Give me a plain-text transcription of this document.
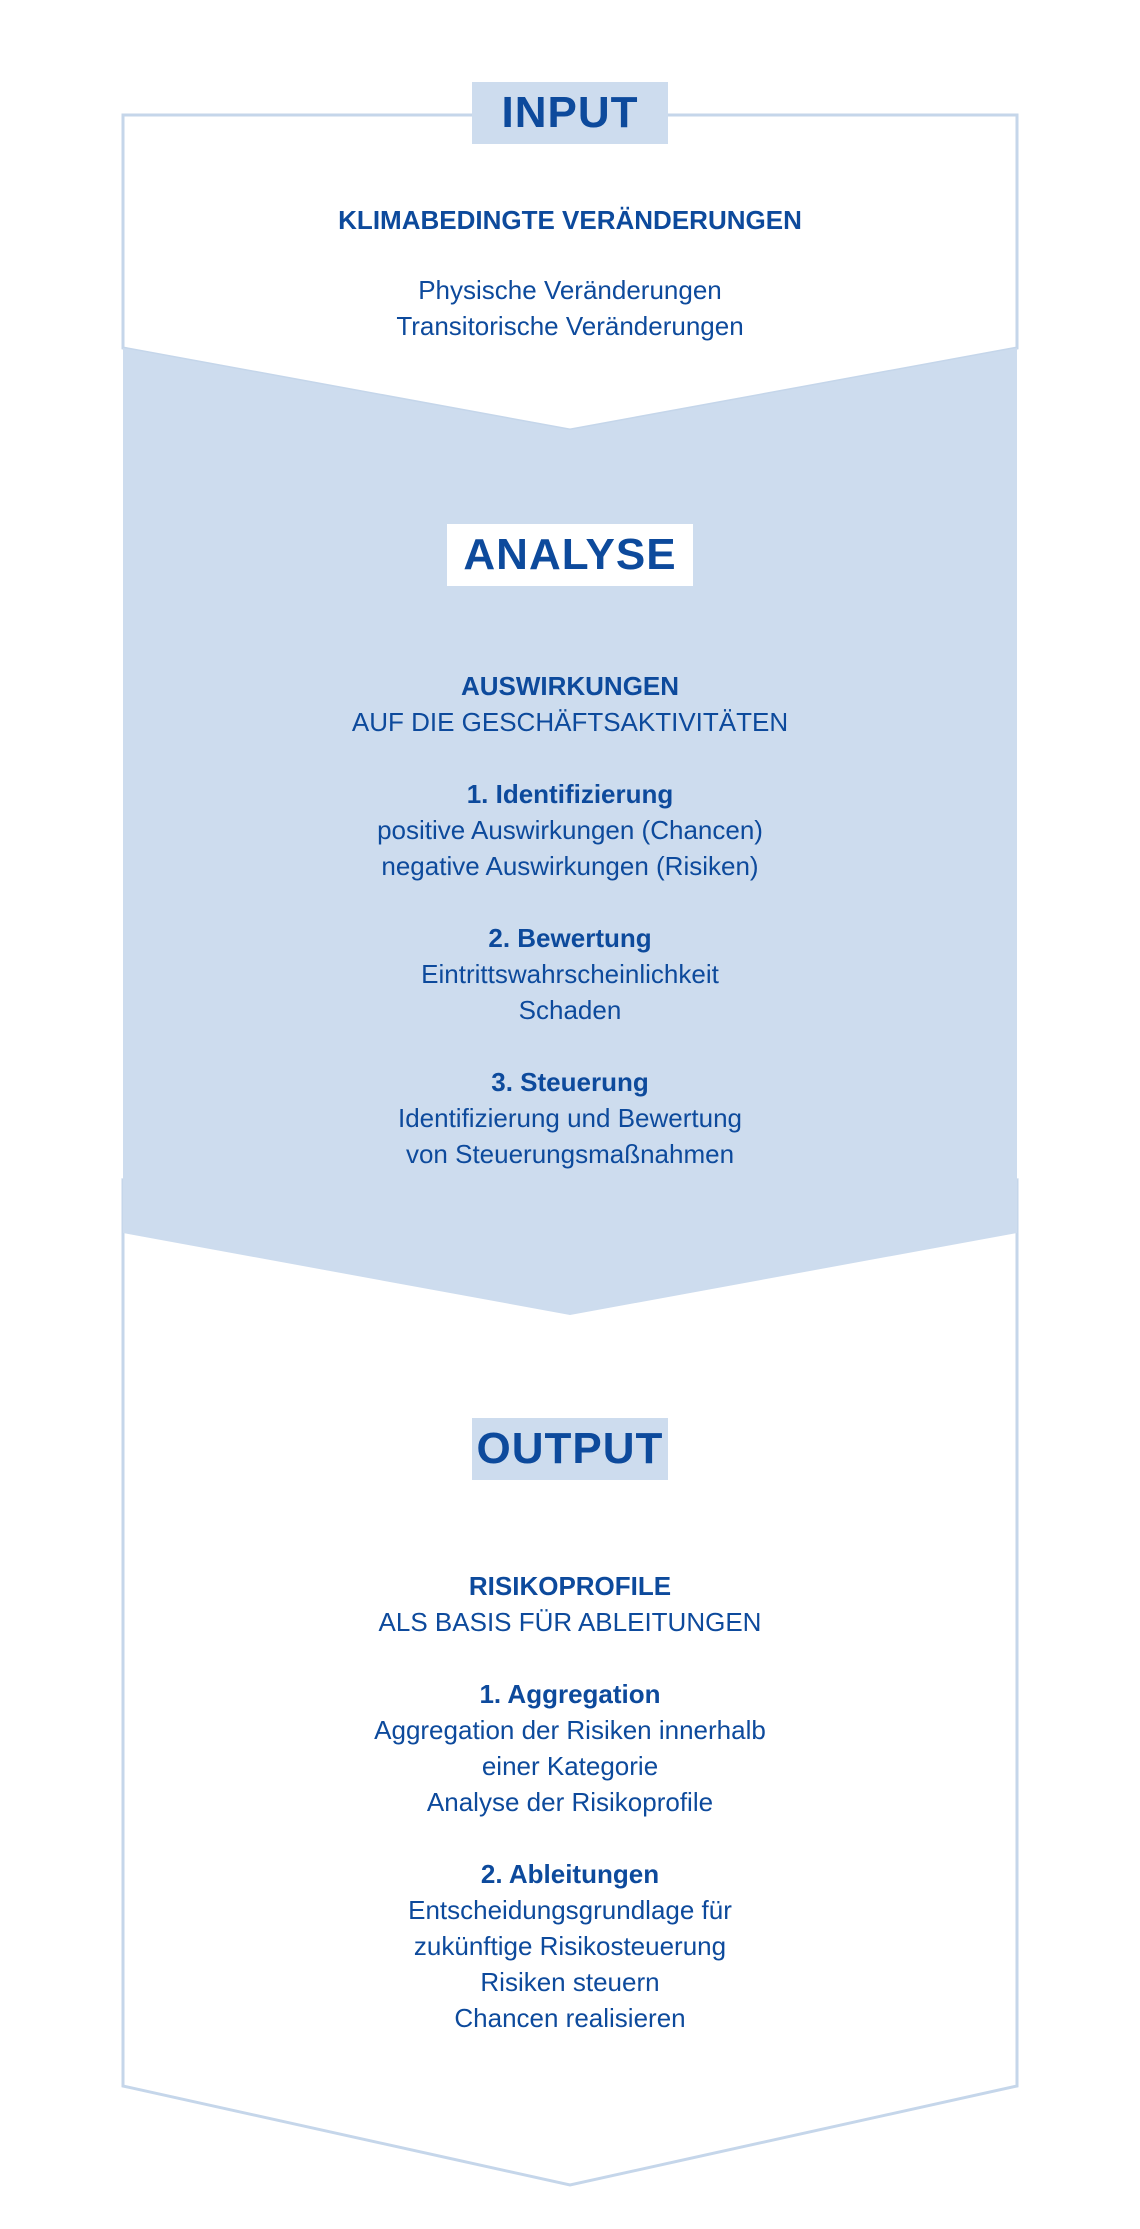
INPUT
ANALYSE
OUTPUT
KLIMABEDINGTE VERÄNDERUNGEN
Physische Veränderungen
Transitorische Veränderungen
AUSWIRKUNGEN
AUF DIE GESCHÄFTSAKTIVITÄTEN
1. Identifizierung
positive Auswirkungen (Chancen)
negative Auswirkungen (Risiken)
2. Bewertung
Eintrittswahrscheinlichkeit
Schaden
3. Steuerung
Identifizierung und Bewertung
von Steuerungsmaßnahmen
RISIKOPROFILE
ALS BASIS FÜR ABLEITUNGEN
1. Aggregation
Aggregation der Risiken innerhalb
einer Kategorie
Analyse der Risikoprofile
2. Ableitungen
Entscheidungsgrundlage für
zukünftige Risikosteuerung
Risiken steuern
Chancen realisieren
